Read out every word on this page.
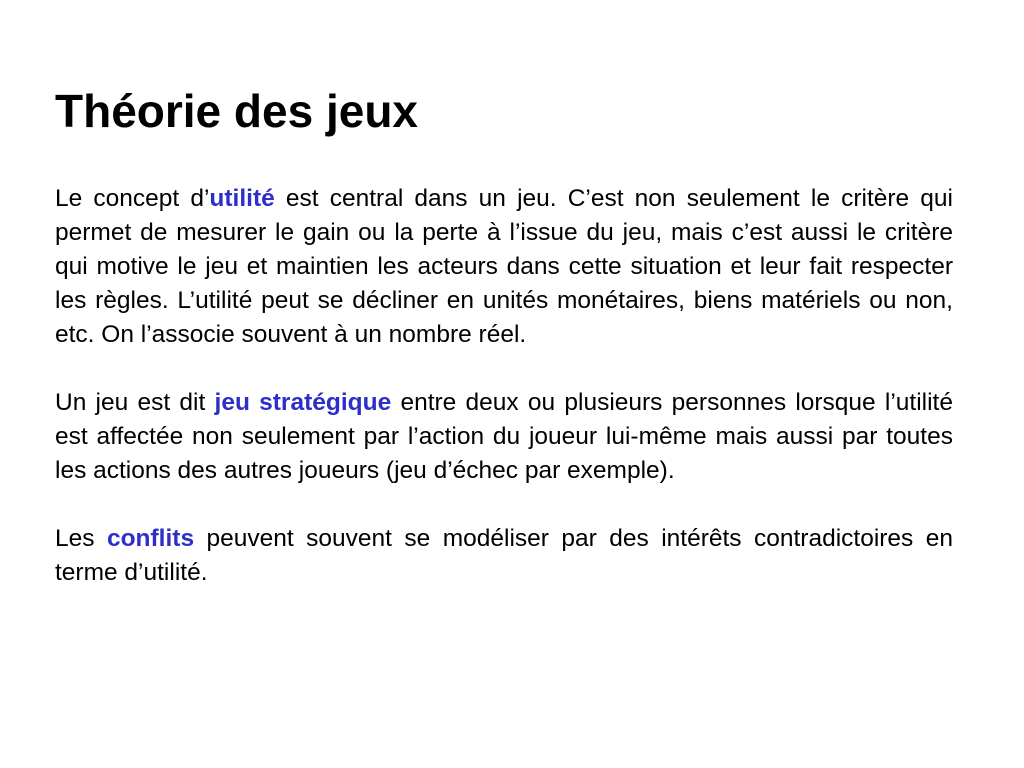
Théorie des jeux

Le concept d’utilité est central dans un jeu. C’est non seulement le critère qui permet de mesurer le gain ou la perte à l’issue du jeu, mais c’est aussi le critère qui motive le jeu et maintien les acteurs dans cette situation et leur fait respecter les règles. L’utilité peut se décliner en unités monétaires, biens matériels ou non, etc. On l’associe souvent à un nombre réel.

Un jeu est dit jeu stratégique entre deux ou plusieurs personnes lorsque l’utilité est affectée non seulement par l’action du joueur lui-même mais aussi par toutes les actions des autres joueurs (jeu d’échec par exemple).

Les conflits peuvent souvent se modéliser par des intérêts contradictoires en terme d’utilité.
